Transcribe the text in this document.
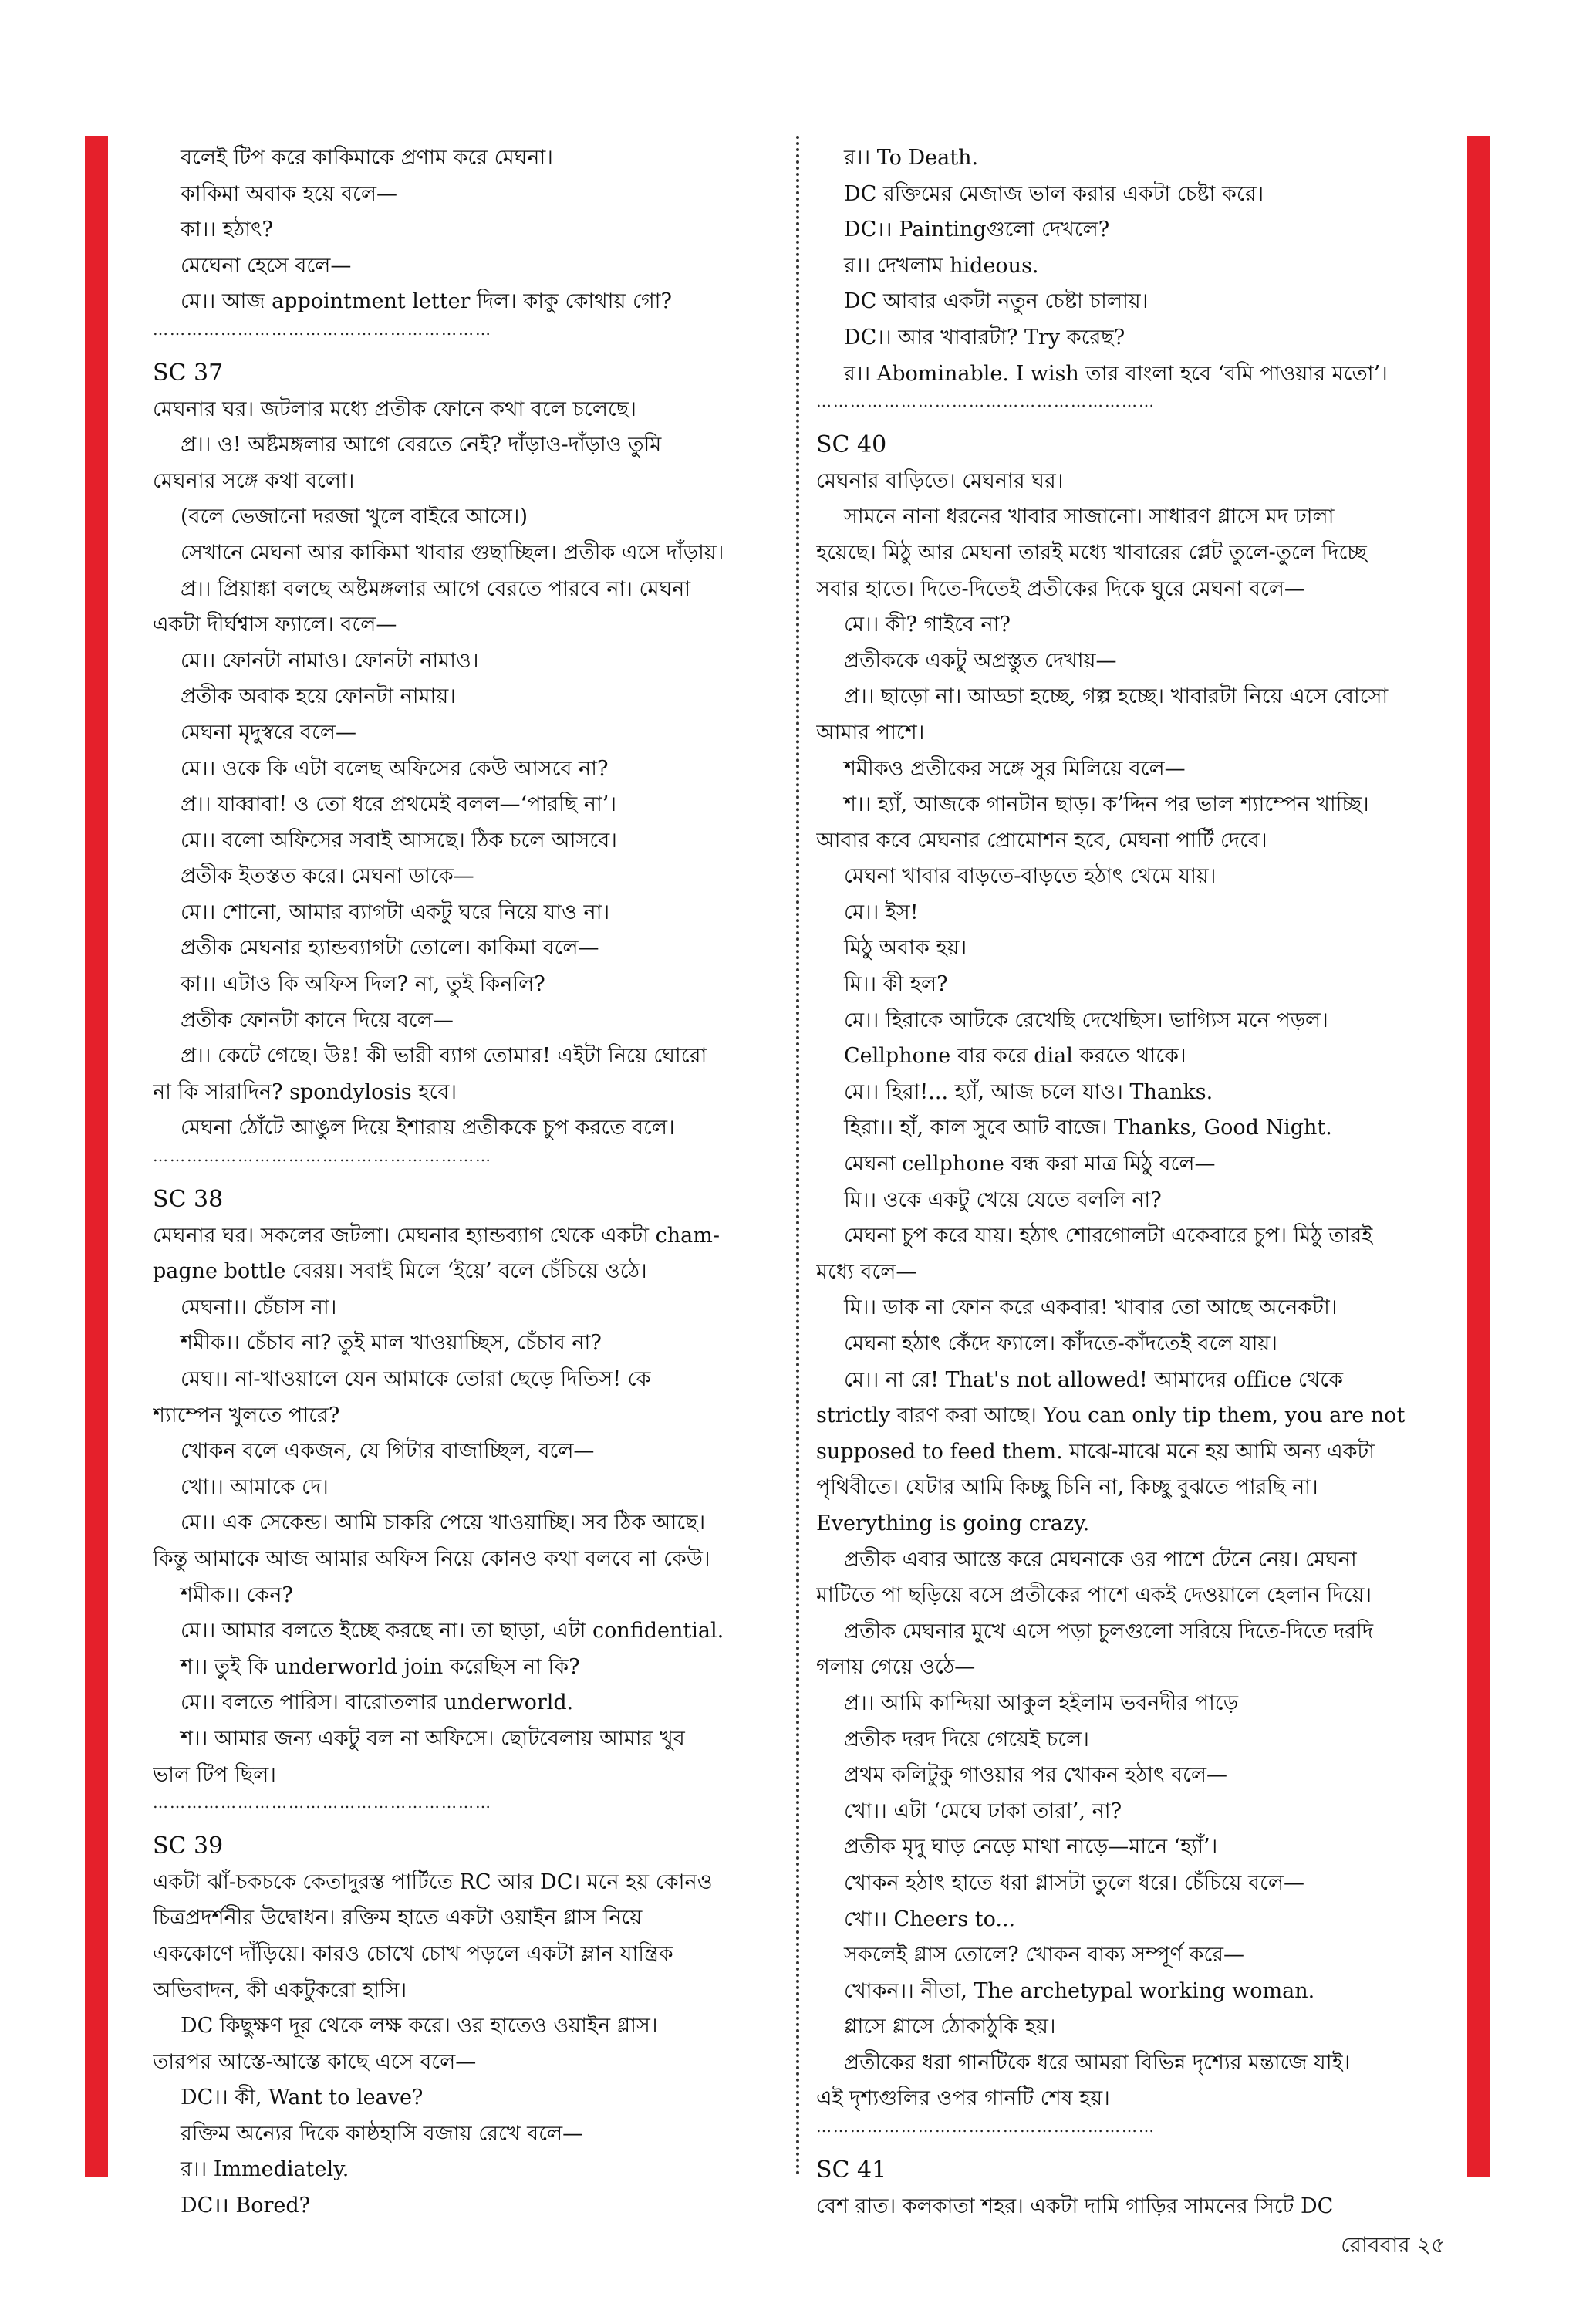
বলেই টিপ করে কাকিমাকে প্রণাম করে মেঘনা।
কাকিমা অবাক হয়ে বলে—
কা।। হঠাৎ?
মেঘেনা হেসে বলে—
মে।। আজ appointment letter দিল। কাকু কোথায় গো?
……………………………………………………
SC 37
মেঘনার ঘর। জটলার মধ্যে প্রতীক ফোনে কথা বলে চলেছে।
প্র।। ও! অষ্টমঙ্গলার আগে বেরতে নেই? দাঁড়াও-দাঁড়াও তুমি
মেঘনার সঙ্গে কথা বলো।
(বলে ভেজানো দরজা খুলে বাইরে আসে।)
সেখানে মেঘনা আর কাকিমা খাবার গুছাচ্ছিল। প্রতীক এসে দাঁড়ায়।
প্র।। প্রিয়াঙ্কা বলছে অষ্টমঙ্গলার আগে বেরতে পারবে না। মেঘনা
একটা দীর্ঘশ্বাস ফ্যালে। বলে—
মে।। ফোনটা নামাও। ফোনটা নামাও।
প্রতীক অবাক হয়ে ফোনটা নামায়।
মেঘনা মৃদুস্বরে বলে—
মে।। ওকে কি এটা বলেছ অফিসের কেউ আসবে না?
প্র।। যাব্বাবা! ও তো ধরে প্রথমেই বলল—‘পারছি না’।
মে।। বলো অফিসের সবাই আসছে। ঠিক চলে আসবে।
প্রতীক ইতস্তত করে। মেঘনা ডাকে—
মে।। শোনো, আমার ব্যাগটা একটু ঘরে নিয়ে যাও না।
প্রতীক মেঘনার হ্যান্ডব্যাগটা তোলে। কাকিমা বলে—
কা।। এটাও কি অফিস দিল? না, তুই কিনলি?
প্রতীক ফোনটা কানে দিয়ে বলে—
প্র।। কেটে গেছে। উঃ! কী ভারী ব্যাগ তোমার! এইটা নিয়ে ঘোরো
না কি সারাদিন? spondylosis হবে।
মেঘনা ঠোঁটে আঙুল দিয়ে ইশারায় প্রতীককে চুপ করতে বলে।
……………………………………………………
SC 38
মেঘনার ঘর। সকলের জটলা। মেঘনার হ্যান্ডব্যাগ থেকে একটা cham-
pagne bottle বেরয়। সবাই মিলে ‘ইয়ে’ বলে চেঁচিয়ে ওঠে।
মেঘনা।। চেঁচাস না।
শমীক।। চেঁচাব না? তুই মাল খাওয়াচ্ছিস, চেঁচাব না?
মেঘ।। না-খাওয়ালে যেন আমাকে তোরা ছেড়ে দিতিস! কে
শ্যাম্পেন খুলতে পারে?
খোকন বলে একজন, যে গিটার বাজাচ্ছিল, বলে—
খো।। আমাকে দে।
মে।। এক সেকেন্ড। আমি চাকরি পেয়ে খাওয়াচ্ছি। সব ঠিক আছে।
কিন্তু আমাকে আজ আমার অফিস নিয়ে কোনও কথা বলবে না কেউ।
শমীক।। কেন?
মে।। আমার বলতে ইচ্ছে করছে না। তা ছাড়া, এটা confidential.
শ।। তুই কি underworld join করেছিস না কি?
মে।। বলতে পারিস। বারোতলার underworld.
শ।। আমার জন্য একটু বল না অফিসে। ছোটবেলায় আমার খুব
ভাল টিপ ছিল।
……………………………………………………
SC 39
একটা ঝাঁ-চকচকে কেতাদুরস্ত পার্টিতে RC আর DC। মনে হয় কোনও
চিত্রপ্রদর্শনীর উদ্বোধন। রক্তিম হাতে একটা ওয়াইন গ্লাস নিয়ে
এককোণে দাঁড়িয়ে। কারও চোখে চোখ পড়লে একটা ম্লান যান্ত্রিক
অভিবাদন, কী একটুকরো হাসি।
DC কিছুক্ষণ দূর থেকে লক্ষ করে। ওর হাতেও ওয়াইন গ্লাস।
তারপর আস্তে-আস্তে কাছে এসে বলে—
DC।। কী, Want to leave?
রক্তিম অন্যের দিকে কাষ্ঠহাসি বজায় রেখে বলে—
র।। Immediately.
DC।। Bored?
র।। To Death.
DC রক্তিমের মেজাজ ভাল করার একটা চেষ্টা করে।
DC।। Paintingগুলো দেখলে?
র।। দেখলাম hideous.
DC আবার একটা নতুন চেষ্টা চালায়।
DC।। আর খাবারটা? Try করেছ?
র।। Abominable. I wish তার বাংলা হবে ‘বমি পাওয়ার মতো’।
……………………………………………………
SC 40
মেঘনার বাড়িতে। মেঘনার ঘর।
সামনে নানা ধরনের খাবার সাজানো। সাধারণ গ্লাসে মদ ঢালা
হয়েছে। মিঠু আর মেঘনা তারই মধ্যে খাবারের প্লেট তুলে-তুলে দিচ্ছে
সবার হাতে। দিতে-দিতেই প্রতীকের দিকে ঘুরে মেঘনা বলে—
মে।। কী? গাইবে না?
প্রতীককে একটু অপ্রস্তুত দেখায়—
প্র।। ছাড়ো না। আড্ডা হচ্ছে, গল্প হচ্ছে। খাবারটা নিয়ে এসে বোসো
আমার পাশে।
শমীকও প্রতীকের সঙ্গে সুর মিলিয়ে বলে—
শ।। হ্যাঁ, আজকে গানটান ছাড়। ক’দ্দিন পর ভাল শ্যাম্পেন খাচ্ছি।
আবার কবে মেঘনার প্রোমোশন হবে, মেঘনা পার্টি দেবে।
মেঘনা খাবার বাড়তে-বাড়তে হঠাৎ থেমে যায়।
মে।। ইস!
মিঠু অবাক হয়।
মি।। কী হল?
মে।। হিরাকে আটকে রেখেছি দেখেছিস। ভাগ্যিস মনে পড়ল।
Cellphone বার করে dial করতে থাকে।
মে।। হিরা!... হ্যাঁ, আজ চলে যাও। Thanks.
হিরা।। হাঁ, কাল সুবে আট বাজে। Thanks, Good Night.
মেঘনা cellphone বন্ধ করা মাত্র মিঠু বলে—
মি।। ওকে একটু খেয়ে যেতে বললি না?
মেঘনা চুপ করে যায়। হঠাৎ শোরগোলটা একেবারে চুপ। মিঠু তারই
মধ্যে বলে—
মি।। ডাক না ফোন করে একবার! খাবার তো আছে অনেকটা।
মেঘনা হঠাৎ কেঁদে ফ্যালে। কাঁদতে-কাঁদতেই বলে যায়।
মে।। না রে! That's not allowed! আমাদের office থেকে
strictly বারণ করা আছে। You can only tip them, you are not
supposed to feed them. মাঝে-মাঝে মনে হয় আমি অন্য একটা
পৃথিবীতে। যেটার আমি কিচ্ছু চিনি না, কিচ্ছু বুঝতে পারছি না।
Everything is going crazy.
প্রতীক এবার আস্তে করে মেঘনাকে ওর পাশে টেনে নেয়। মেঘনা
মাটিতে পা ছড়িয়ে বসে প্রতীকের পাশে একই দেওয়ালে হেলান দিয়ে।
প্রতীক মেঘনার মুখে এসে পড়া চুলগুলো সরিয়ে দিতে-দিতে দরদি
গলায় গেয়ে ওঠে—
প্র।। আমি কান্দিয়া আকুল হইলাম ভবনদীর পাড়ে
প্রতীক দরদ দিয়ে গেয়েই চলে।
প্রথম কলিটুকু গাওয়ার পর খোকন হঠাৎ বলে—
খো।। এটা ‘মেঘে ঢাকা তারা’, না?
প্রতীক মৃদু ঘাড় নেড়ে মাথা নাড়ে—মানে ‘হ্যাঁ’।
খোকন হঠাৎ হাতে ধরা গ্লাসটা তুলে ধরে। চেঁচিয়ে বলে—
খো।। Cheers to...
সকলেই গ্লাস তোলে? খোকন বাক্য সম্পূর্ণ করে—
খোকন।। নীতা, The archetypal working woman.
গ্লাসে গ্লাসে ঠোকাঠুকি হয়।
প্রতীকের ধরা গানটিকে ধরে আমরা বিভিন্ন দৃশ্যের মন্তাজে যাই।
এই দৃশ্যগুলির ওপর গানটি শেষ হয়।
……………………………………………………
SC 41
বেশ রাত। কলকাতা শহর। একটা দামি গাড়ির সামনের সিটে DC
রোববার ২৫
